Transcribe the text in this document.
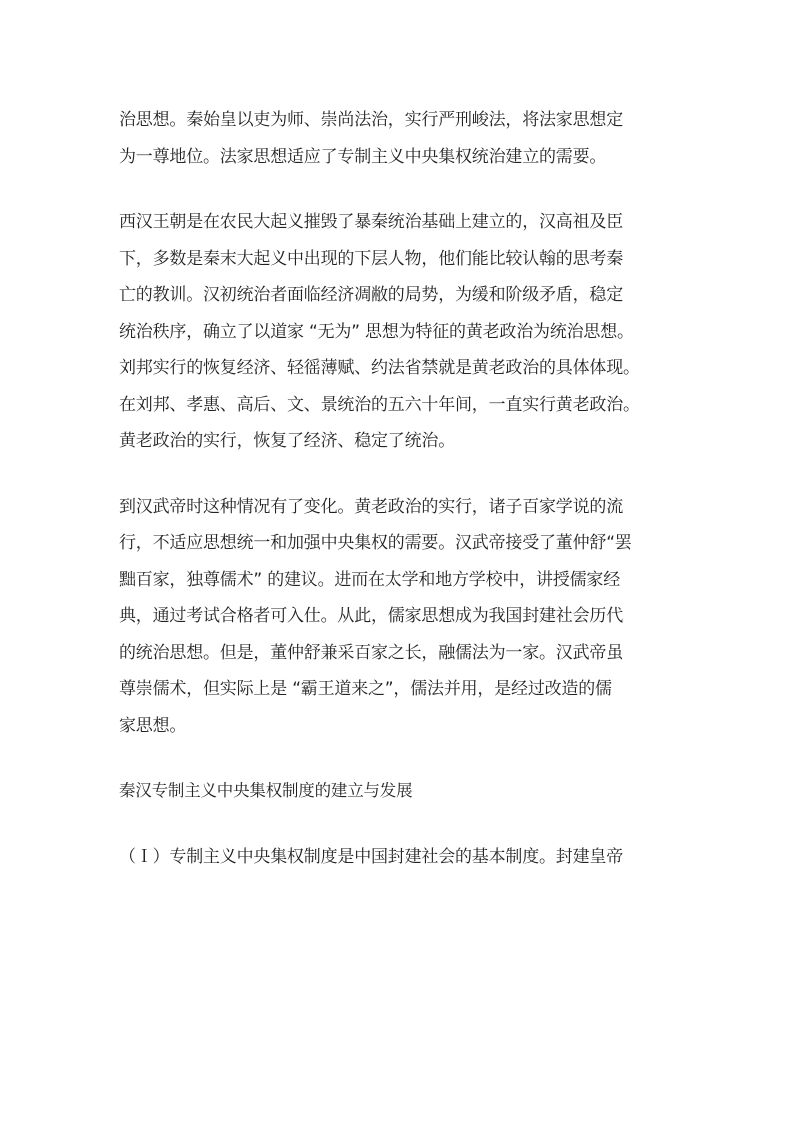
治思想。秦始皇以吏为师、崇尚法治，实行严刑峻法，将法家思想定
为一尊地位。法家思想适应了专制主义中央集权统治建立的需要。

西汉王朝是在农民大起义摧毁了暴秦统治基础上建立的，汉高祖及臣
下，多数是秦末大起义中出现的下层人物，他们能比较认翰的思考秦
亡的教训。汉初统治者面临经济凋敝的局势，为缓和阶级矛盾，稳定
统治秩序，确立了以道家 “无为” 思想为特征的黄老政治为统治思想。
刘邦实行的恢复经济、轻徭薄赋、约法省禁就是黄老政治的具体体现。
在刘邦、孝惠、高后、文、景统治的五六十年间，一直实行黄老政治。
黄老政治的实行，恢复了经济、稳定了统治。

到汉武帝时这种情况有了变化。黄老政治的实行，诸子百家学说的流
行，不适应思想统一和加强中央集权的需要。汉武帝接受了董仲舒“罢
黜百家，独尊儒术” 的建议。进而在太学和地方学校中，讲授儒家经
典，通过考试合格者可入仕。从此，儒家思想成为我国封建社会历代
的统治思想。但是，董仲舒兼采百家之长，融儒法为一家。汉武帝虽
尊崇儒术，但实际上是 “霸王道来之”，儒法并用，是经过改造的儒
家思想。

秦汉专制主义中央集权制度的建立与发展

（Ｉ）专制主义中央集权制度是中国封建社会的基本制度。封建皇帝
